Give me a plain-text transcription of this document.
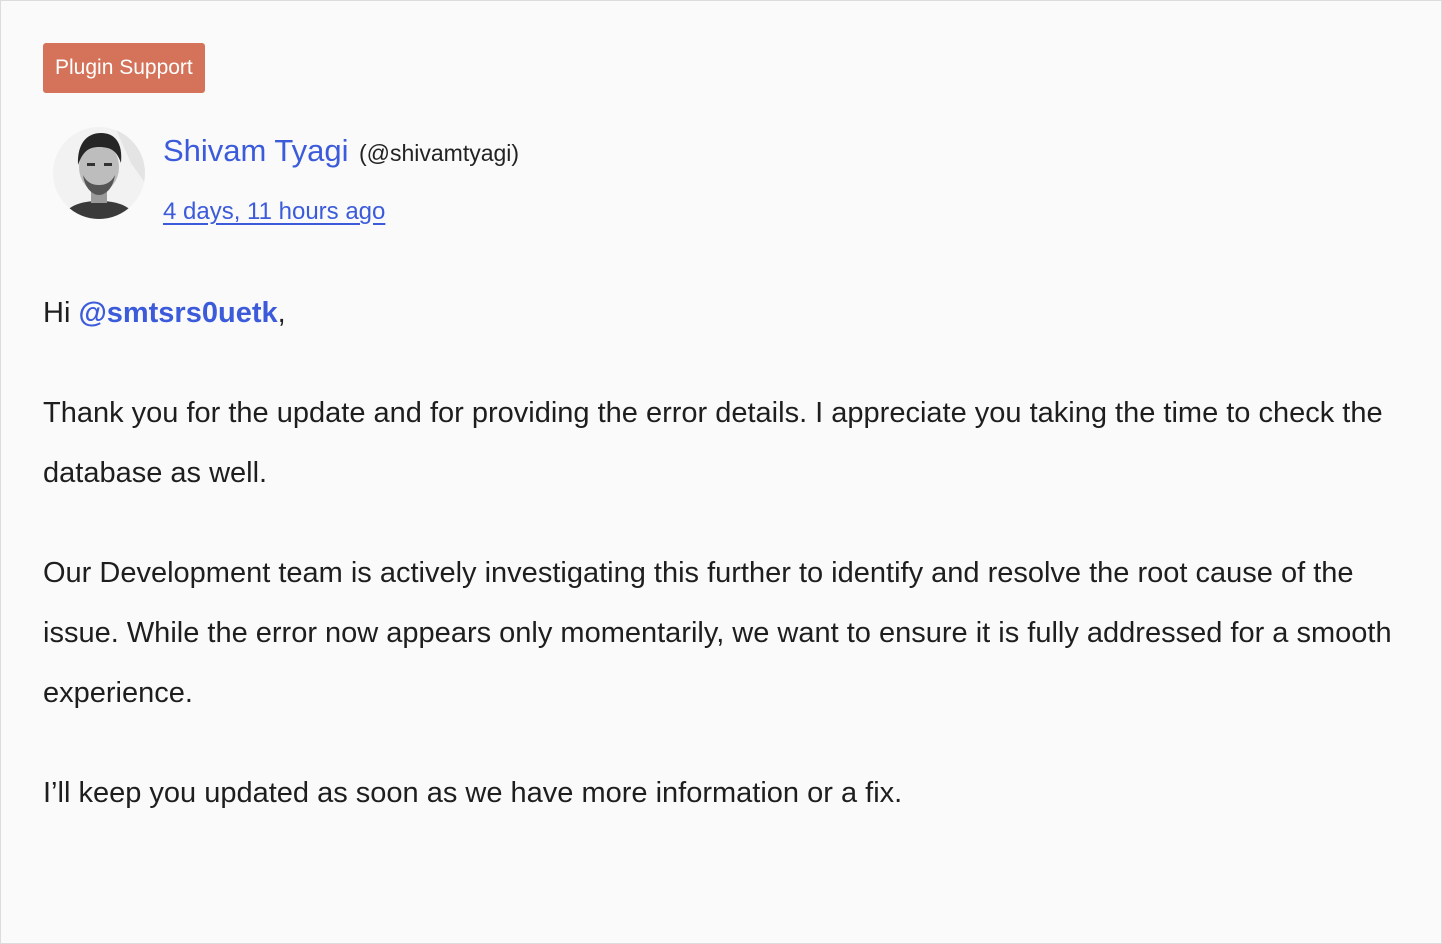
Plugin Support
Shivam Tyagi (@shivamtyagi)
4 days, 11 hours ago

Hi @smtsrs0uetk,

Thank you for the update and for providing the error details. I appreciate you taking the time to check the database as well.

Our Development team is actively investigating this further to identify and resolve the root cause of the issue. While the error now appears only momentarily, we want to ensure it is fully addressed for a smooth experience.

I’ll keep you updated as soon as we have more information or a fix.
